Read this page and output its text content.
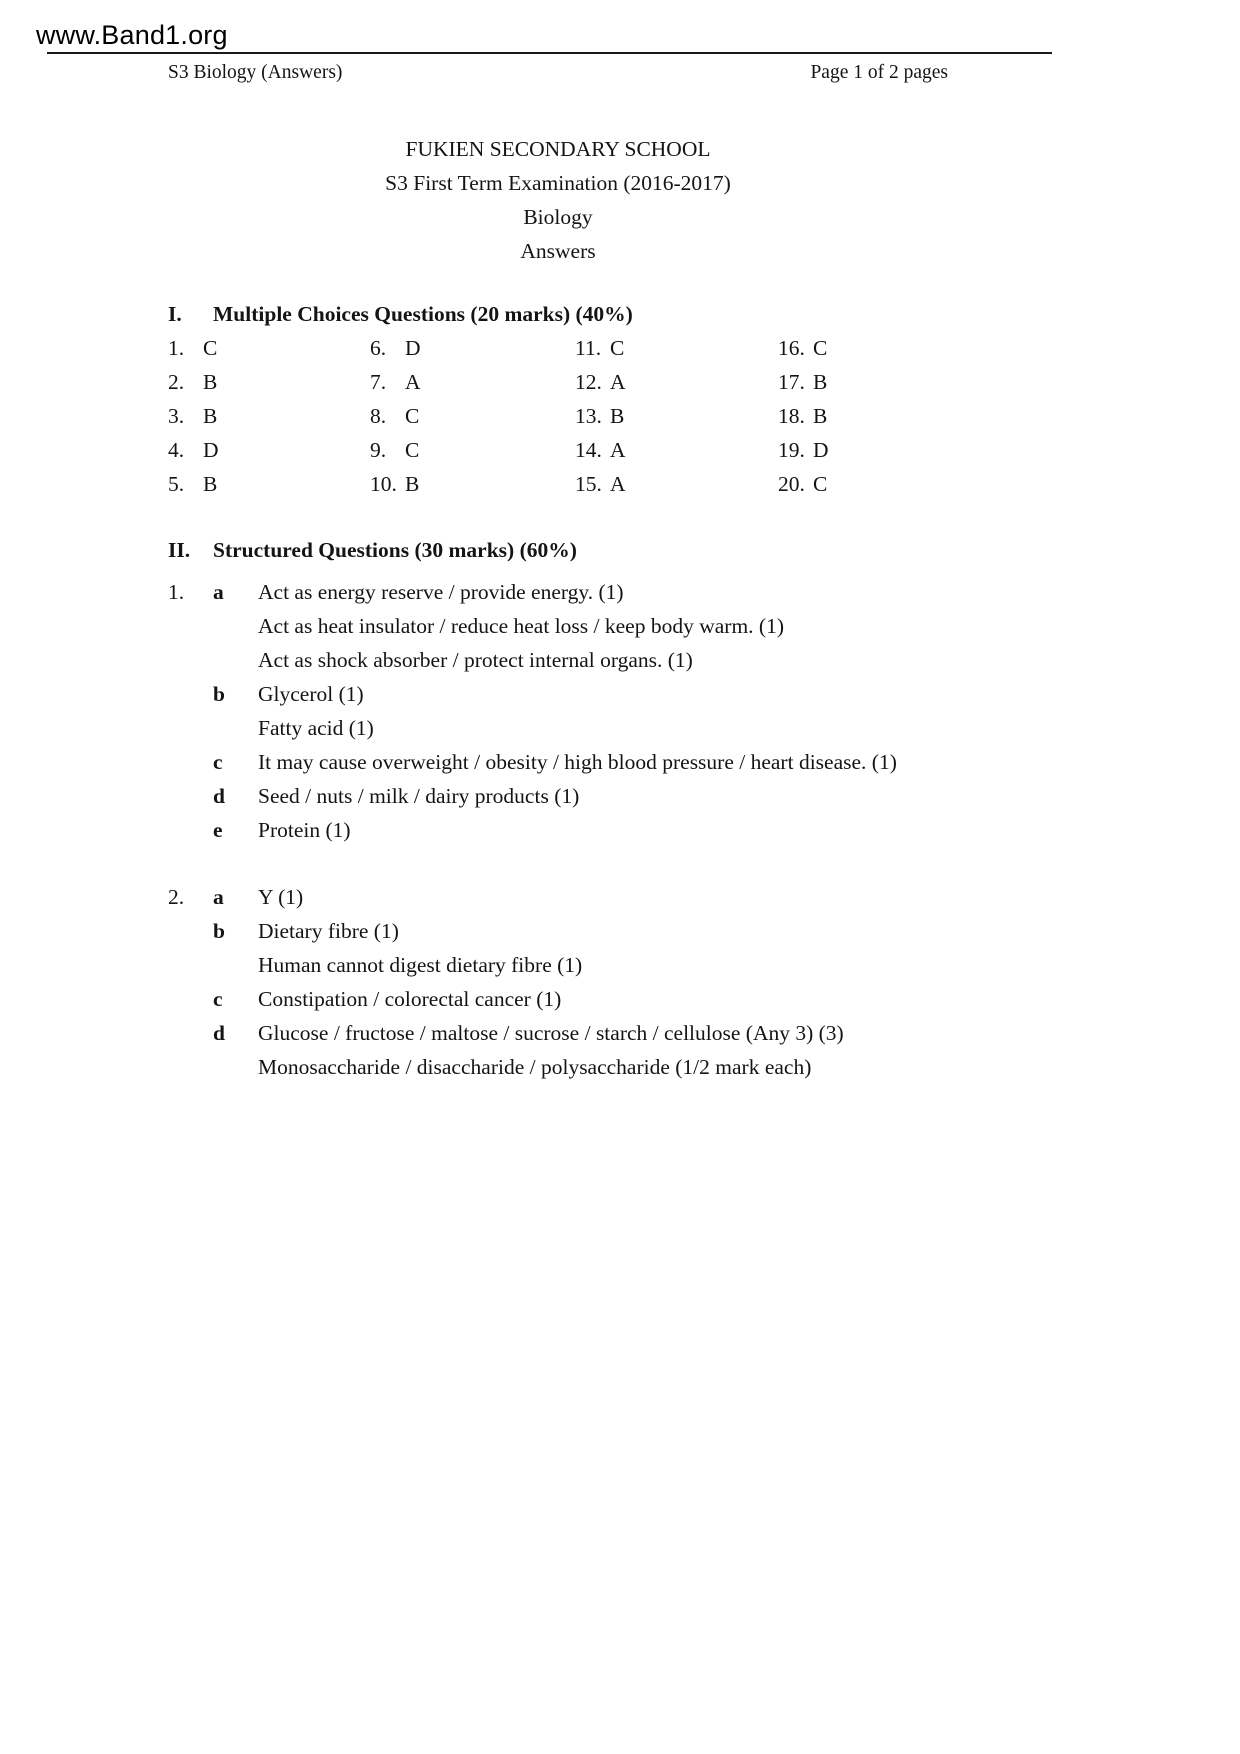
www.Band1.org
S3 Biology (Answers)	Page 1 of 2 pages
FUKIEN SECONDARY SCHOOL
S3 First Term Examination (2016-2017)
Biology
Answers
I.	Multiple Choices Questions (20 marks) (40%)
1. C	6. D	11. C	16. C
2. B	7. A	12. A	17. B
3. B	8. C	13. B	18. B
4. D	9. C	14. A	19. D
5. B	10. B	15. A	20. C
II.	Structured Questions (30 marks) (60%)
1.	a	Act as energy reserve / provide energy. (1)
Act as heat insulator / reduce heat loss / keep body warm. (1)
Act as shock absorber / protect internal organs. (1)
b	Glycerol (1)
Fatty acid (1)
c	It may cause overweight / obesity / high blood pressure / heart disease. (1)
d	Seed / nuts / milk / dairy products (1)
e	Protein (1)
2.	a	Y (1)
b	Dietary fibre (1)
Human cannot digest dietary fibre (1)
c	Constipation / colorectal cancer (1)
d	Glucose / fructose / maltose / sucrose / starch / cellulose (Any 3) (3)
Monosaccharide / disaccharide / polysaccharide (1/2 mark each)
